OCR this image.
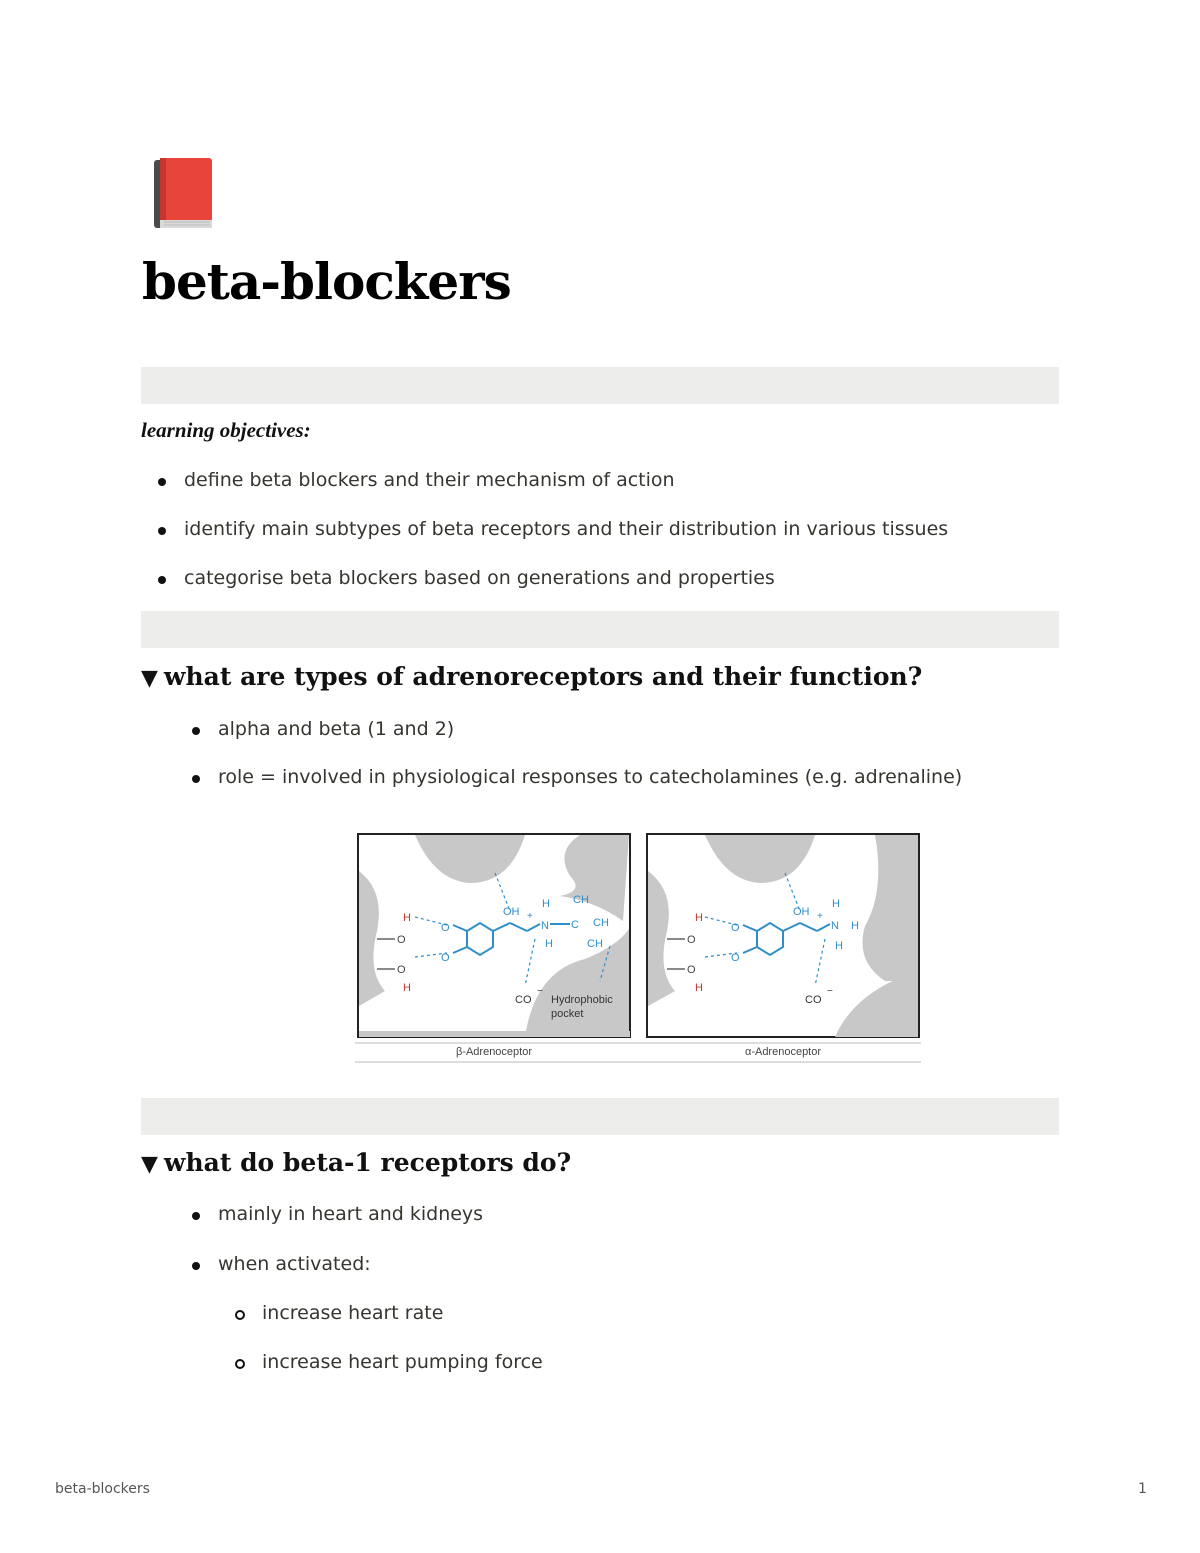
beta-blockers
learning objectives:
define beta blockers and their mechanism of action
identify main subtypes of beta receptors and their distribution in various tissues
categorise beta blockers based on generations and properties
▼ what are types of adrenoreceptors and their function?
alpha and beta (1 and 2)
role = involved in physiological responses to catecholamines (e.g. adrenaline)
O
H
O
H
O
O
OH
N
+
H
H
C
CH
CH
CH
CO
−
Hydrophobic
pocket
O
H
O
H
O
O
OH
N
+
H
H
H
CO
−
β-Adrenoceptor	α-Adrenoceptor
▼ what do beta-1 receptors do?
mainly in heart and kidneys
when activated:
increase heart rate
increase heart pumping force
beta-blockers	1
